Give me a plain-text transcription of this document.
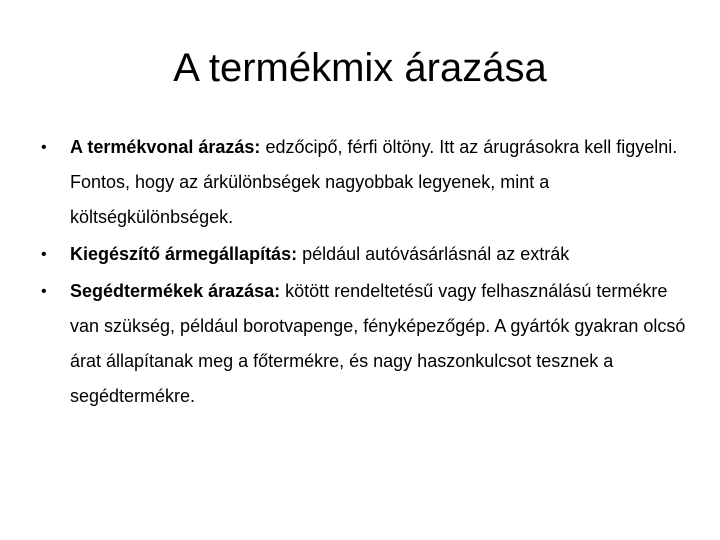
A termékmix árazása
• A termékvonal árazás: edzőcipő, férfi öltöny. Itt az árugrásokra kell figyelni. Fontos, hogy az árkülönbségek nagyobbak legyenek, mint a költségkülönbségek.
• Kiegészítő ármegállapítás: például autóvásárlásnál az extrák
• Segédtermékek árazása: kötött rendeltetésű vagy felhasználású termékre van szükség, például borotvapenge, fényképezőgép. A gyártók gyakran olcsó árat állapítanak meg a főtermékre, és nagy haszonkulcsot tesznek a segédtermékre.
